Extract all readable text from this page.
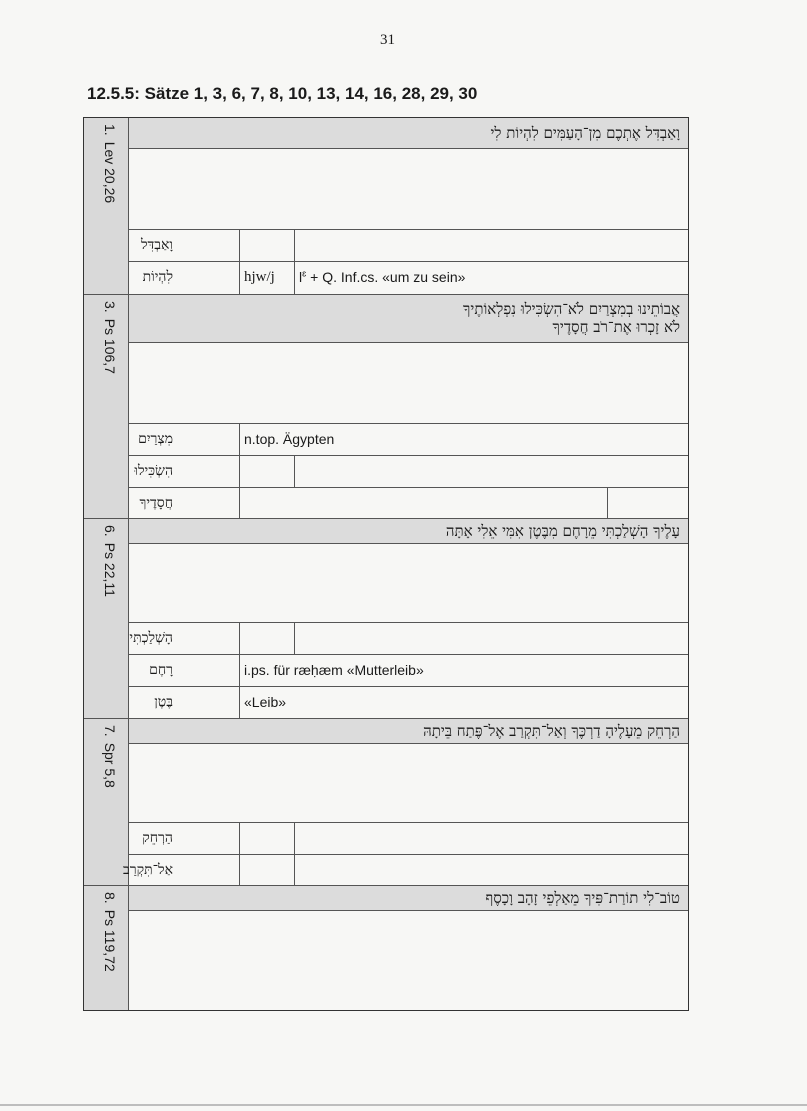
31
12.5.5: Sätze 1, 3, 6, 7, 8, 10, 13, 14, 16, 28, 29, 30
1.Lev 20,26
וָאַבְדִּל אֶתְכֶם מִן־הָעַמִּים לִהְיוֹת לִי
וָאַבְדִּל
לִהְיוֹת	hjw/j	$l^ɛ + Q$. Inf.cs. «um zu sein»
3.Ps 106,7
אֲבוֹתֵינוּ בְמִצְרַיִם לֹא־הִשְׂכִּילוּ נִפְלְאוֹתֶיךָ
לֹא זָכְרוּ אֶת־רֹב חֲסָדֶיךָ
מִצְרַיִם	n.top. Ägypten
הִשְׂכִּילוּ
חֲסָדֶיךָ
6.Ps 22,11
עָלֶיךָ הָשְׁלַכְתִּי מֵרָחֶם מִבֶּטֶן אִמִּי אֵלִי אָתָּה
הָשְׁלַכְתִּי
רָחֶם	i.ps. für ræḥæm «Mutterleib»
בֶּטֶן	«Leib»
7.Spr 5,8
הַרְחֵק מֵעָלֶיהָ דַרְכֶּךָ וְאַל־תִּקְרַב אֶל־פֶּתַח בֵּיתָהּ
הַרְחֵק
אַל־תִּקְרַב
8.Ps 119,72
טוֹב־לִי תוֹרַת־פִּיךָ מֵאַלְפֵי זָהָב וָכָסֶף
